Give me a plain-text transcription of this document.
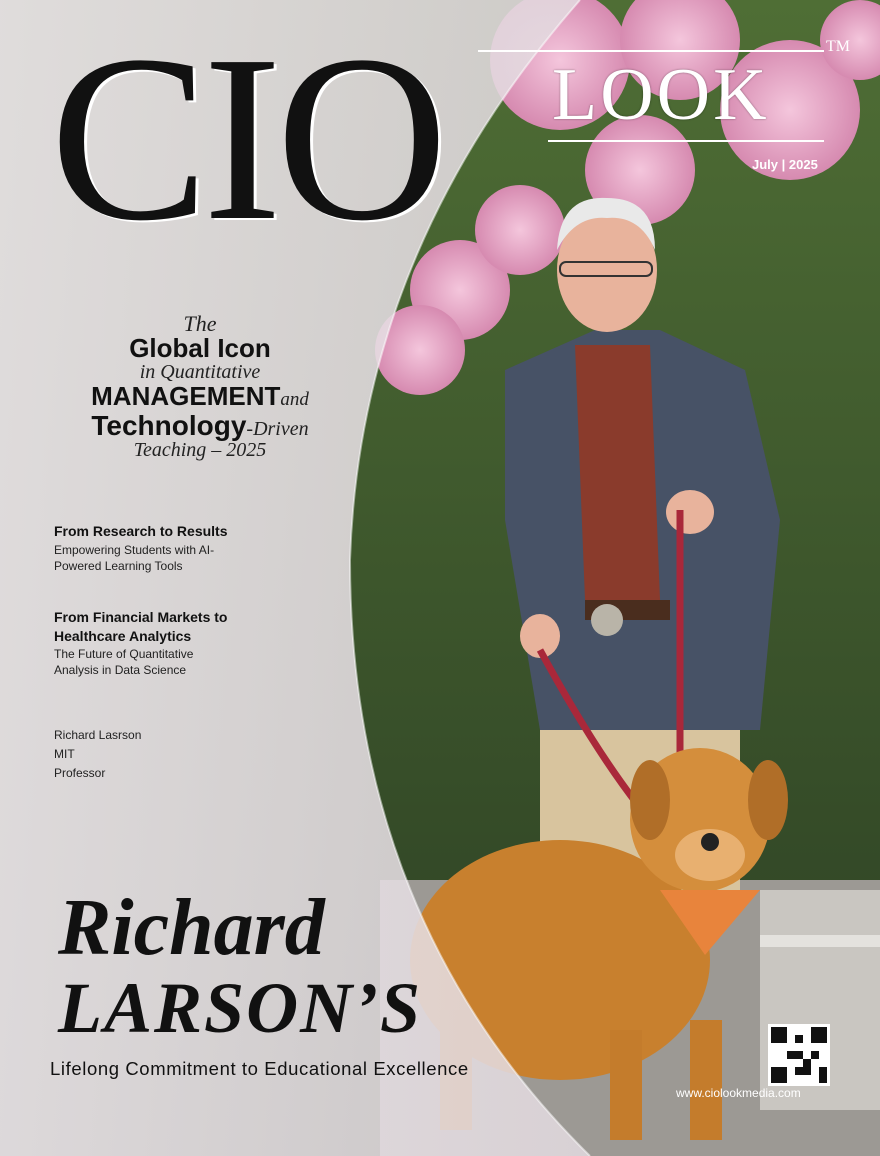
CIO LOOK
TM
July | 2025
The
Global Icon
in Quantitative
MANAGEMENTand
Technology-Driven
Teaching – 2025
From Research to Results
Empowering Students with AI-Powered Learning Tools
From Financial Markets to Healthcare Analytics
The Future of Quantitative Analysis in Data Science
Richard Lasrson
MIT
Professor
Richard
LARSON’S
Lifelong Commitment to Educational Excellence
www.ciolookmedia.com
